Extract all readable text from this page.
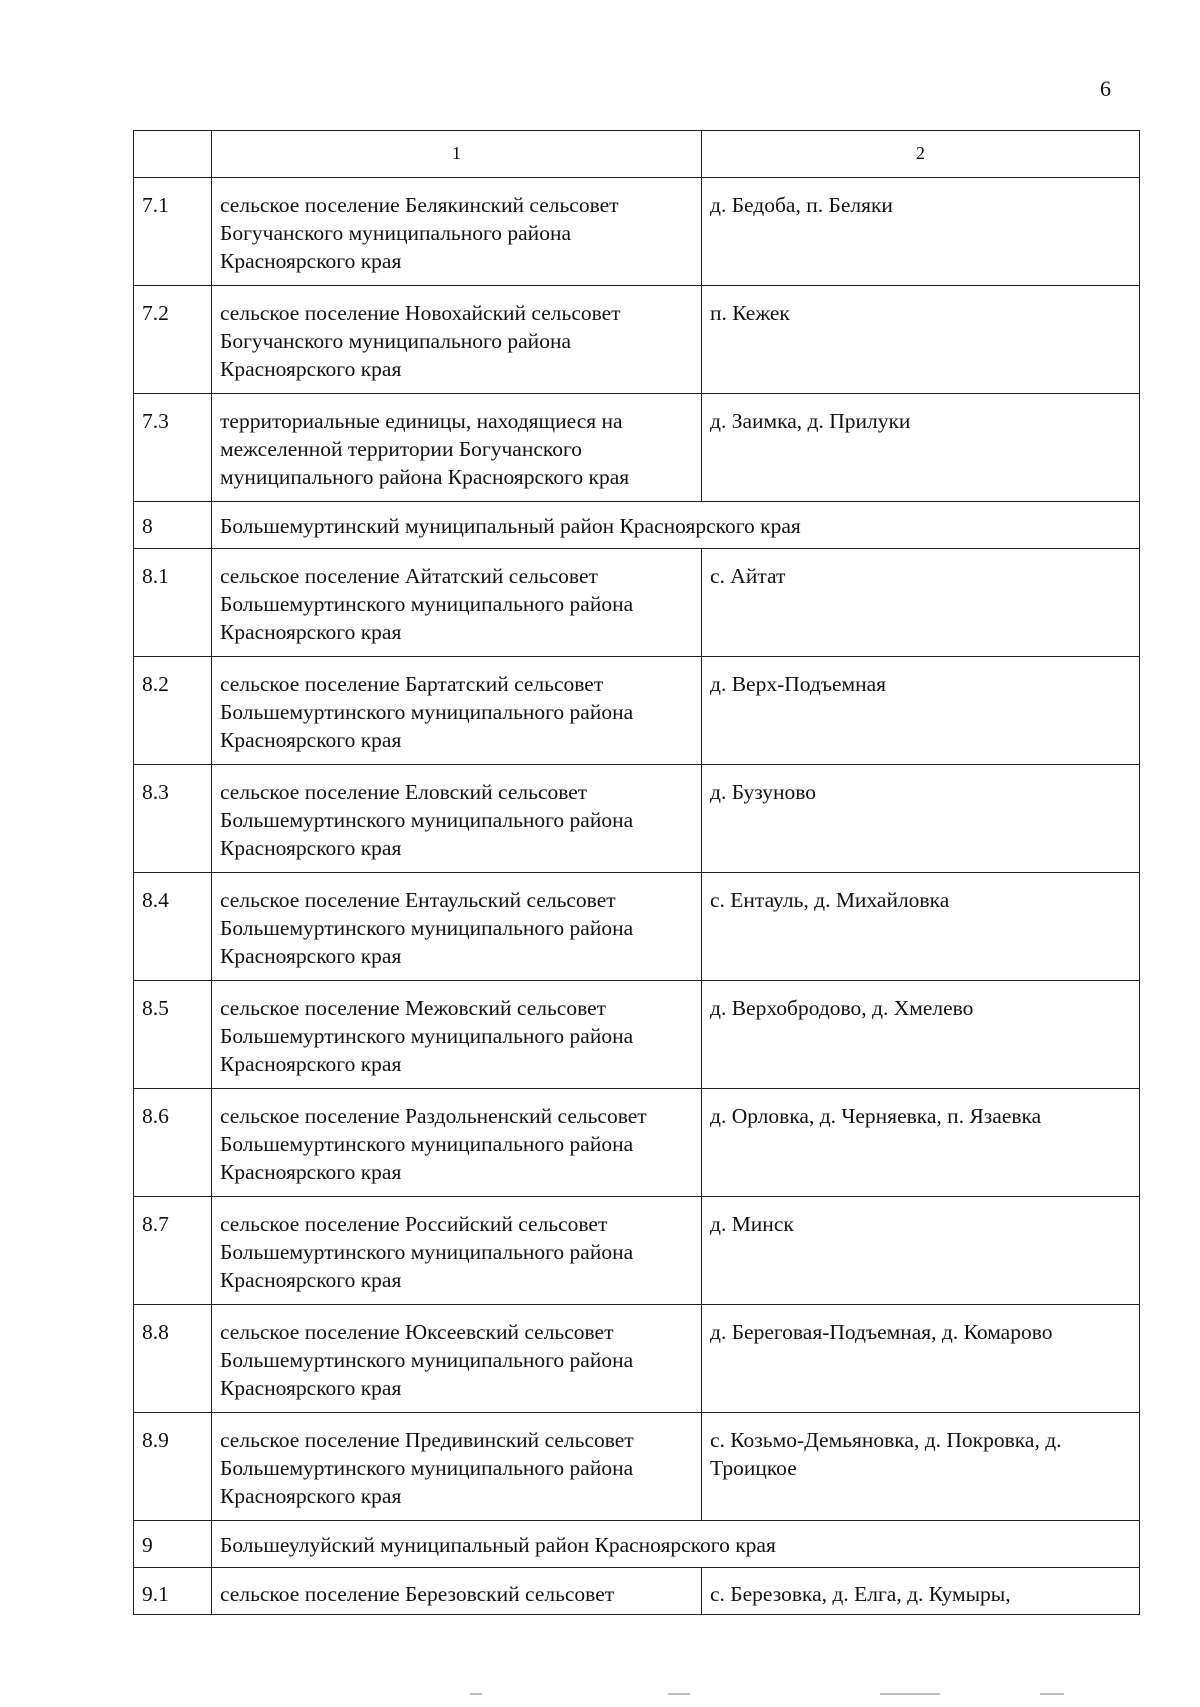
6
	1	2
7.1	сельское поселение Белякинский сельсовет Богучанского муниципального района Красноярского края	д. Бедоба, п. Беляки
7.2	сельское поселение Новохайский сельсовет Богучанского муниципального района Красноярского края	п. Кежек
7.3	территориальные единицы, находящиеся на межселенной территории Богучанского муниципального района Красноярского края	д. Заимка, д. Прилуки
8	Большемуртинский муниципальный район Красноярского края	
8.1	сельское поселение Айтатский сельсовет Большемуртинского муниципального района Красноярского края	с. Айтат
8.2	сельское поселение Бартатский сельсовет Большемуртинского муниципального района Красноярского края	д. Верх-Подъемная
8.3	сельское поселение Еловский сельсовет Большемуртинского муниципального района Красноярского края	д. Бузуново
8.4	сельское поселение Ентаульский сельсовет Большемуртинского муниципального района Красноярского края	с. Ентауль, д. Михайловка
8.5	сельское поселение Межовский сельсовет Большемуртинского муниципального района Красноярского края	д. Верхобродово, д. Хмелево
8.6	сельское поселение Раздольненский сельсовет Большемуртинского муниципального района Красноярского края	д. Орловка, д. Черняевка, п. Язаевка
8.7	сельское поселение Российский сельсовет Большемуртинского муниципального района Красноярского края	д. Минск
8.8	сельское поселение Юксеевский сельсовет Большемуртинского муниципального района Красноярского края	д. Береговая-Подъемная, д. Комарово
8.9	сельское поселение Предивинский сельсовет Большемуртинского муниципального района Красноярского края	с. Козьмо-Демьяновка, д. Покровка, д. Троицкое
9	Большеулуйский муниципальный район Красноярского края	
9.1	сельское поселение Березовский сельсовет	с. Березовка, д. Елга, д. Кумыры,
